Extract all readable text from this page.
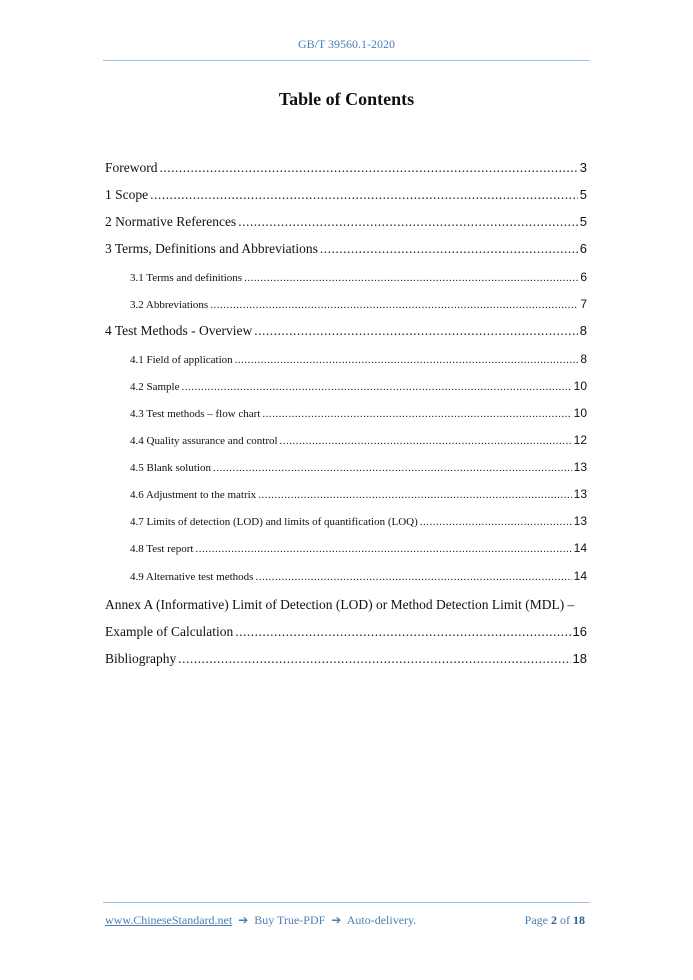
GB/T 39560.1-2020
Table of Contents
Foreword .....	3
1 Scope .....	5
2 Normative References .....	5
3 Terms, Definitions and Abbreviations .....	6
3.1 Terms and definitions .....	6
3.2 Abbreviations .....	7
4 Test Methods - Overview .....	8
4.1 Field of application .....	8
4.2 Sample .....	10
4.3 Test methods – flow chart .....	10
4.4 Quality assurance and control .....	12
4.5 Blank solution .....	13
4.6 Adjustment to the matrix .....	13
4.7 Limits of detection (LOD) and limits of quantification (LOQ) .....	13
4.8 Test report .....	14
4.9 Alternative test methods .....	14
Annex A (Informative) Limit of Detection (LOD) or Method Detection Limit (MDL) –
Example of Calculation .....	16
Bibliography .....	18
www.ChineseStandard.net ➔ Buy True-PDF ➔ Auto-delivery.	Page 2 of 18
